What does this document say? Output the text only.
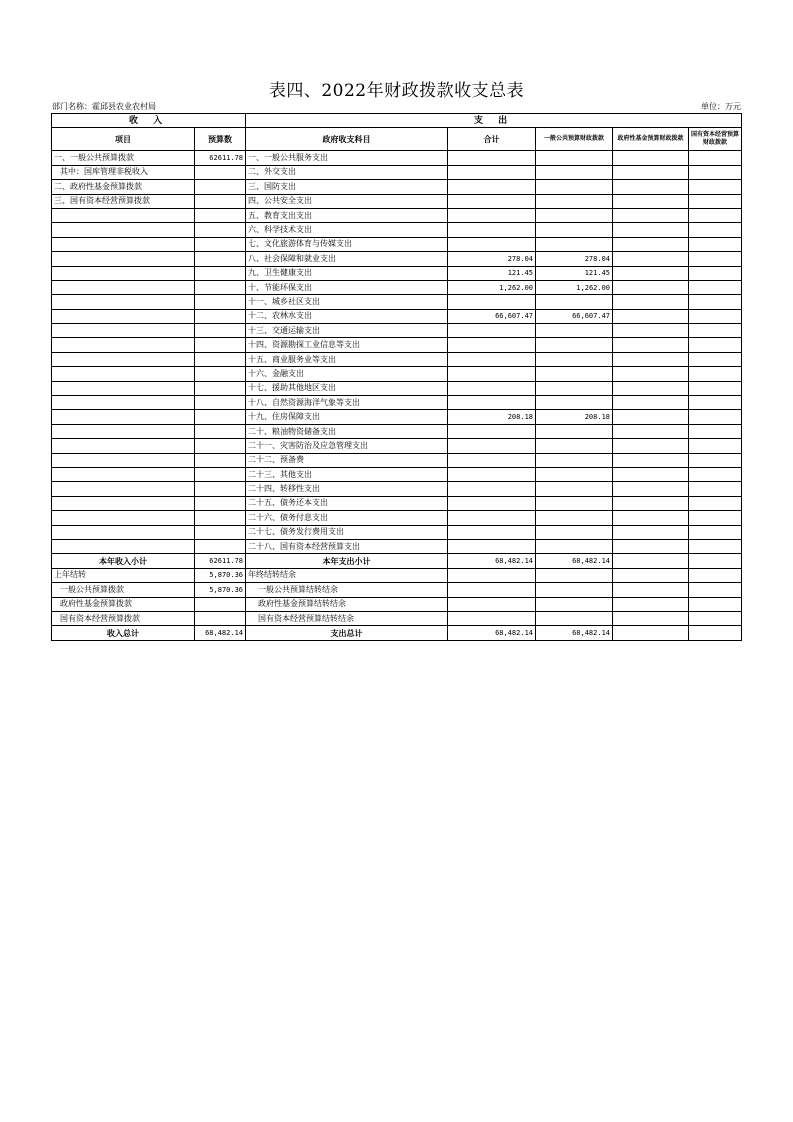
表四、2022年财政拨款收支总表
部门名称：霍邱县农业农村局	单位：万元
收 入		支 出				
项目	预算数	政府收支科目	合计	一般公共预算财政拨款	政府性基金预算财政拨款	国有资本经营预算财政拨款
一、一般公共预算拨款	62611.78	一、一般公共服务支出				
其中：国库管理非税收入		二、外交支出				
二、政府性基金预算拨款		三、国防支出				
三、国有资本经营预算拨款		四、公共安全支出				
		五、教育支出支出				
		六、科学技术支出				
		七、文化旅游体育与传媒支出				
		八、社会保障和就业支出	278.04	278.04		
		九、卫生健康支出	121.45	121.45		
		十、节能环保支出	1,262.00	1,262.00		
		十一、城乡社区支出				
		十二、农林水支出	66,607.47	66,607.47		
		十三、交通运输支出				
		十四、资源勘探工业信息等支出				
		十五、商业服务业等支出				
		十六、金融支出				
		十七、援助其他地区支出				
		十八、自然资源海洋气象等支出				
		十九、住房保障支出	208.18	208.18		
		二十、粮油物资储备支出				
		二十一、灾害防治及应急管理支出				
		二十二、预备费				
		二十三、其他支出				
		二十四、转移性支出				
		二十五、债务还本支出				
		二十六、债务付息支出				
		二十七、债务发行费用支出				
		二十八、国有资本经营预算支出				
本年收入小计	62611.78	本年支出小计	68,482.14	68,482.14		
上年结转	5,870.36	年终结转结余				
一般公共预算拨款	5,870.36	一般公共预算结转结余				
政府性基金预算拨款		政府性基金预算结转结余				
国有资本经营预算拨款		国有资本经营预算结转结余				
收入总计	68,482.14	支出总计	68,482.14	68,482.14		
